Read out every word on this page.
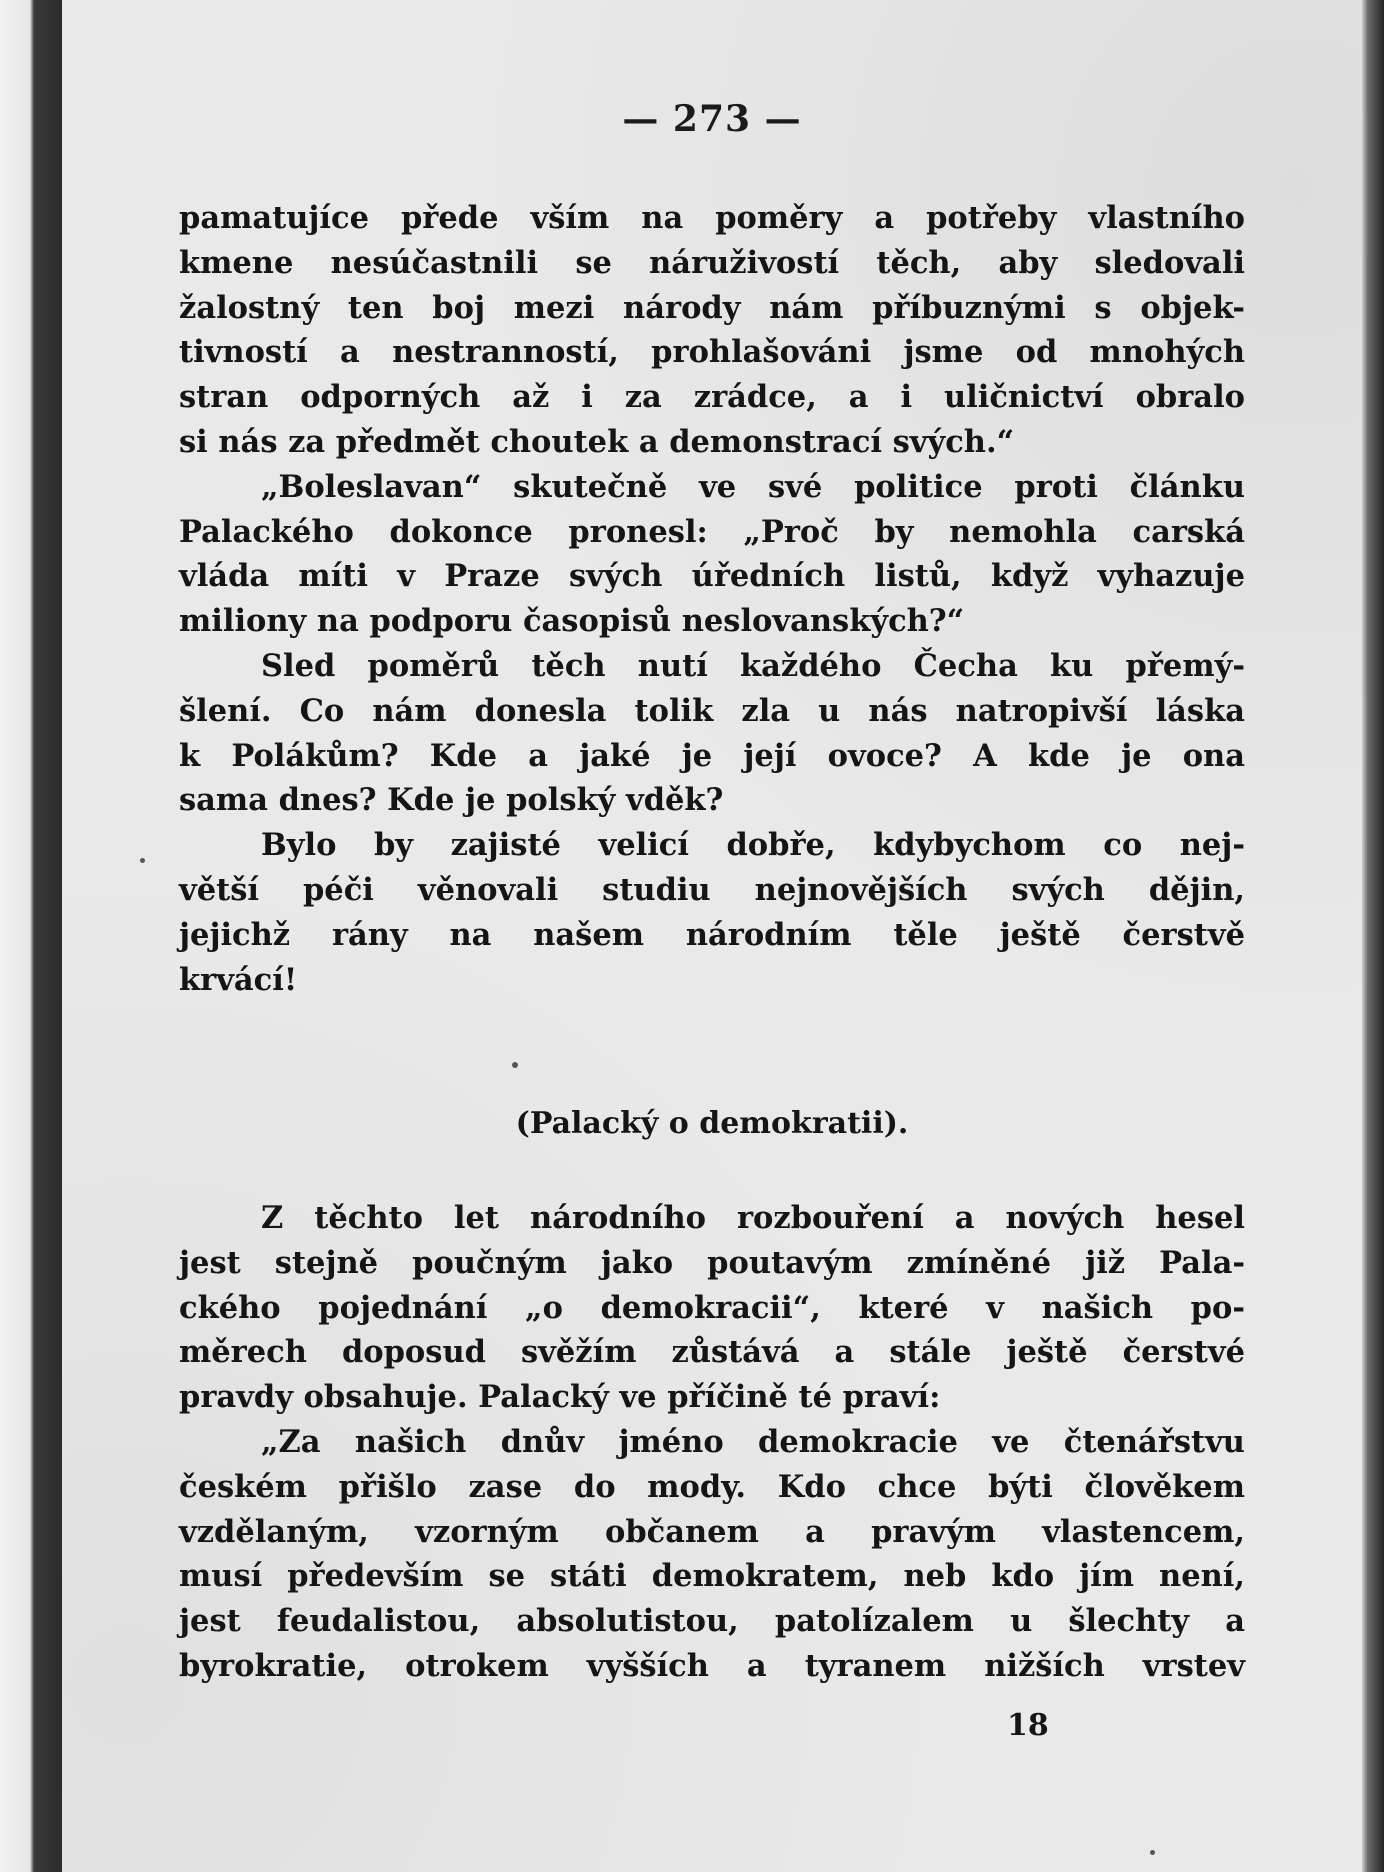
— 273 —
pamatujíce přede vším na poměry a potřeby vlastního
kmene nesúčastnili se náruživostí těch, aby sledovali
žalostný ten boj mezi národy nám příbuznými s objek-
tivností a nestranností, prohlašováni jsme od mnohých
stran odporných až i za zrádce, a i uličnictví obralo
si nás za předmět choutek a demonstrací svých.“
„Boleslavan“ skutečně ve své politice proti článku
Palackého dokonce pronesl: „Proč by nemohla carská
vláda míti v Praze svých úředních listů, když vyhazuje
miliony na podporu časopisů neslovanských?“
Sled poměrů těch nutí každého Čecha ku přemý-
šlení. Co nám donesla tolik zla u nás natropivší láska
k Polákům? Kde a jaké je její ovoce? A kde je ona
sama dnes? Kde je polský vděk?
Bylo by zajisté velicí dobře, kdybychom co nej-
větší péči věnovali studiu nejnovějších svých dějin,
jejichž rány na našem národním těle ještě čerstvě
krvácí!
(Palacký o demokratii).
Z těchto let národního rozbouření a nových hesel
jest stejně poučným jako poutavým zmíněné již Pala-
ckého pojednání „o demokracii“, které v našich po-
měrech doposud svěžím zůstává a stále ještě čerstvé
pravdy obsahuje. Palacký ve příčině té praví:
„Za našich dnův jméno demokracie ve čtenářstvu
českém přišlo zase do mody. Kdo chce býti člověkem
vzdělaným, vzorným občanem a pravým vlastencem,
musí především se státi demokratem, neb kdo jím není,
jest feudalistou, absolutistou, patolízalem u šlechty a
byrokratie, otrokem vyšších a tyranem nižších vrstev
18
